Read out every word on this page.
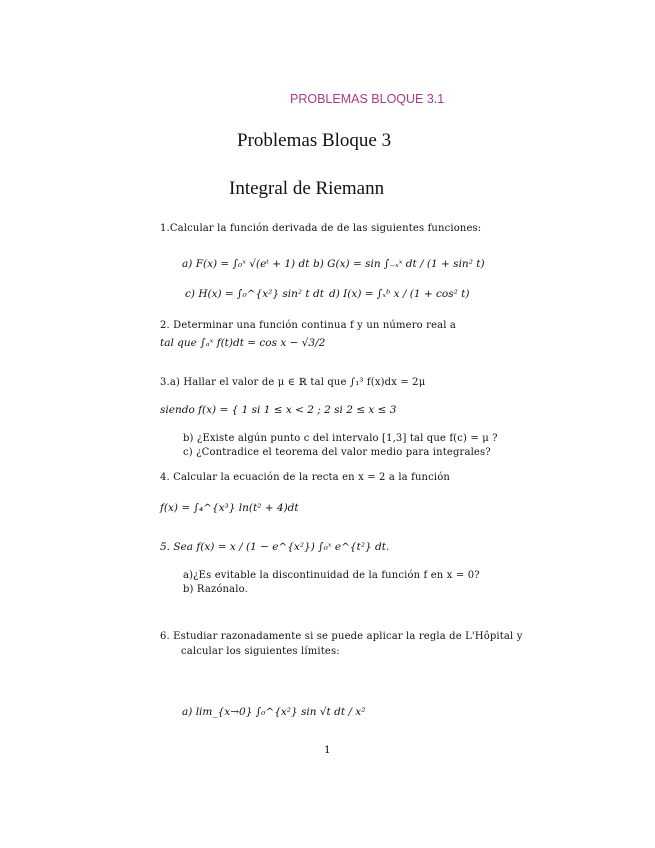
PROBLEMAS BLOQUE 3.1
Problemas Bloque 3
Integral de Riemann
1.Calcular la función derivada de de las siguientes funciones:
a) F(x) = ∫₀ˣ √(eᵗ + 1) dt b) G(x) = sin ∫₋ₓˣ dt / (1 + sin² t)
c) H(x) = ∫₀^{x²} sin² t dt d) I(x) = ∫ₓᵇ x / (1 + cos² t)
2. Determinar una función continua f y un número real a
tal que ∫ₐˣ f(t)dt = cos x − √3/2
3.a) Hallar el valor de μ ∈ ℝ tal que ∫₁³ f(x)dx = 2μ
siendo f(x) = { 1 si 1 ≤ x < 2 ; 2 si 2 ≤ x ≤ 3
b) ¿Existe algún punto c del intervalo [1,3] tal que f(c) = μ ?
c) ¿Contradice el teorema del valor medio para integrales?
4. Calcular la ecuación de la recta en x = 2 a la función
f(x) = ∫₄^{x³} ln(t² + 4)dt
5. Sea f(x) = x / (1 − e^{x²}) ∫₀ˣ e^{t²} dt.
a)¿Es evitable la discontinuidad de la función f en x = 0?
b) Razónalo.
6. Estudiar razonadamente si se puede aplicar la regla de L'Hôpital y
calcular los siguientes límites:
a) lim_{x→0} ∫₀^{x²} sin √t dt / x²
1
